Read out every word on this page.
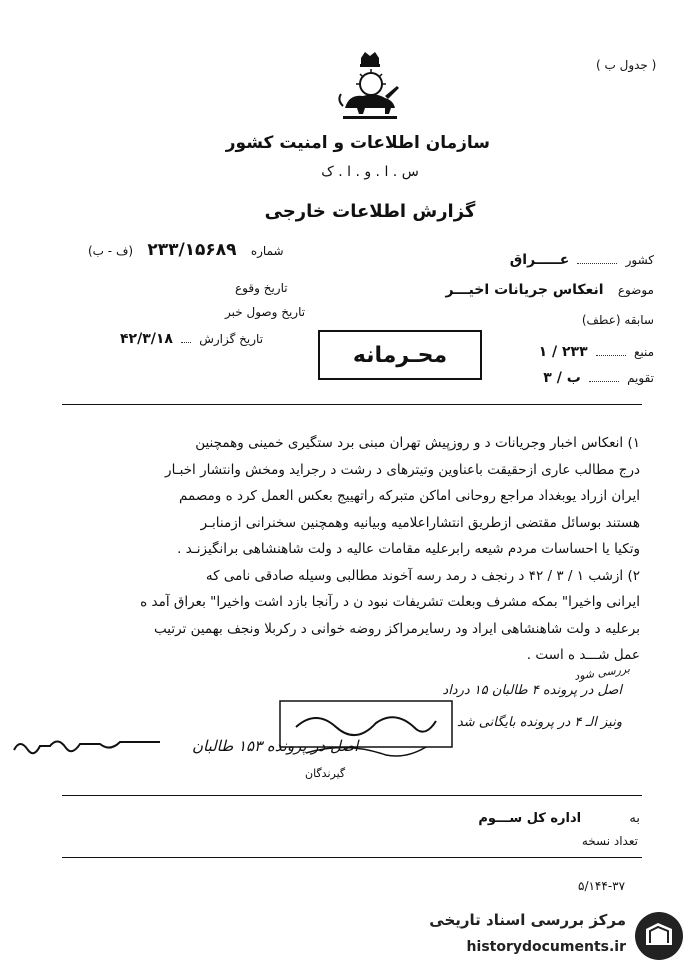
( جدول ب )
سازمان اطلاعات و امنیت کشور
س . ا . و . ا . ک
گزارش اطلاعات خارجی
کشور  عـــــراق
موضوع  انعکاس جریانات اخیـــر
سابقه (عطف)
منبع  ۲۳۳ / ۱
تقویم  ب / ۳
شماره  ۲۳۳/۱۵۶۸۹  (ف - ب)
تاریخ وقوع
تاریخ وصول خبر
تاریخ گزارش  ۴۲/۳/۱۸
محـرمانه

۱) انعکاس اخبار وجریانات د و روزپیش تهران مبنی برد ستگیری خمینی وهمچنین

درج مطالب عاری ازحقیقت باعناوین وتیترهای د رشت د رجراید ومخش وانتشار اخبـار

ایران ازراد یوبغداد مراجع روحانی اماکن متبرکه راتهییج بعکس العمل کرد ه ومصمم

هستند بوسائل مقتضی ازطریق انتشاراعلامیه وبیانیه وهمچنین سخنرانی ازمنابـر

وتکیا یا احساسات مردم شیعه رابرعلیه مقامات عالیه د ولت شاهنشاهی برانگیزنـد .

۲) ازشب ۱ / ۳ / ۴۲ د رنجف د رمد رسه آخوند مطالبی وسیله صادقی نامی که

ایرانی واخیرا" بمکه مشرف وبعلت تشریفات نبود ن د رآنجا بازد اشت واخیرا" بعراق آمد ه

برعلیه د ولت شاهنشاهی ایراد ود رسایرمراکز روضه خوانی د رکربلا ونجف بهمین ترتیب

عمل شـــد ه است .

بررسی شود
اصل در پرونده ۴ طالبان ۱۵ درداد
ونیز الـ ۴ در پرونده بایگانی شد
اصل در پرونده ۱۵۳ طالبان
گیرندگان
به  اداره کل ســـوم
تعداد نسخه
۵/۱۴۴-۳۷
مرکز بررسی اسناد تاریخی
historydocuments.ir
